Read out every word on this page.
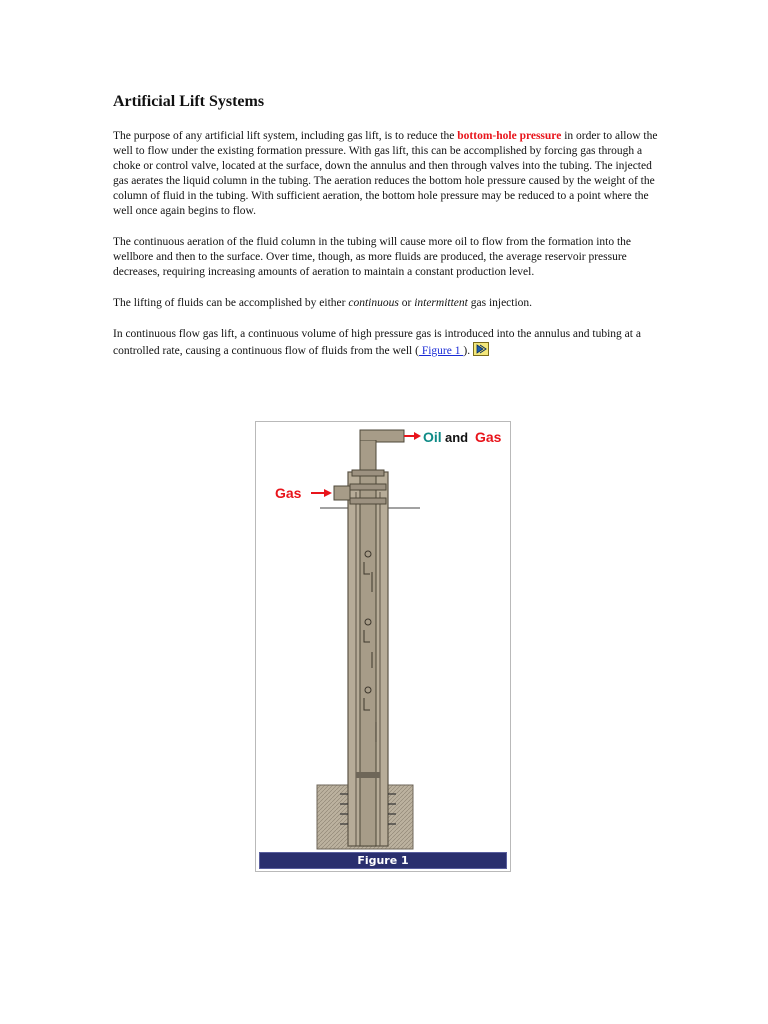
Artificial Lift Systems

The purpose of any artificial lift system, including gas lift, is to reduce the bottom-hole pressure in order to allow the well to flow under the existing formation pressure. With gas lift, this can be accomplished by forcing gas through a choke or control valve, located at the surface, down the annulus and then through valves into the tubing. The injected gas aerates the liquid column in the tubing. The aeration reduces the bottom hole pressure caused by the weight of the column of fluid in the tubing. With sufficient aeration, the bottom hole pressure may be reduced to a point where the well once again begins to flow.

The continuous aeration of the fluid column in the tubing will cause more oil to flow from the formation into the wellbore and then to the surface. Over time, though, as more fluids are produced, the average reservoir pressure decreases, requiring increasing amounts of aeration to maintain a constant production level.

The lifting of fluids can be accomplished by either continuous or intermittent gas injection.

In continuous flow gas lift, a continuous volume of high pressure gas is introduced into the annulus and tubing at a controlled rate, causing a continuous flow of fluids from the well ( Figure 1 ).

Oil and Gas
Gas
Figure 1
